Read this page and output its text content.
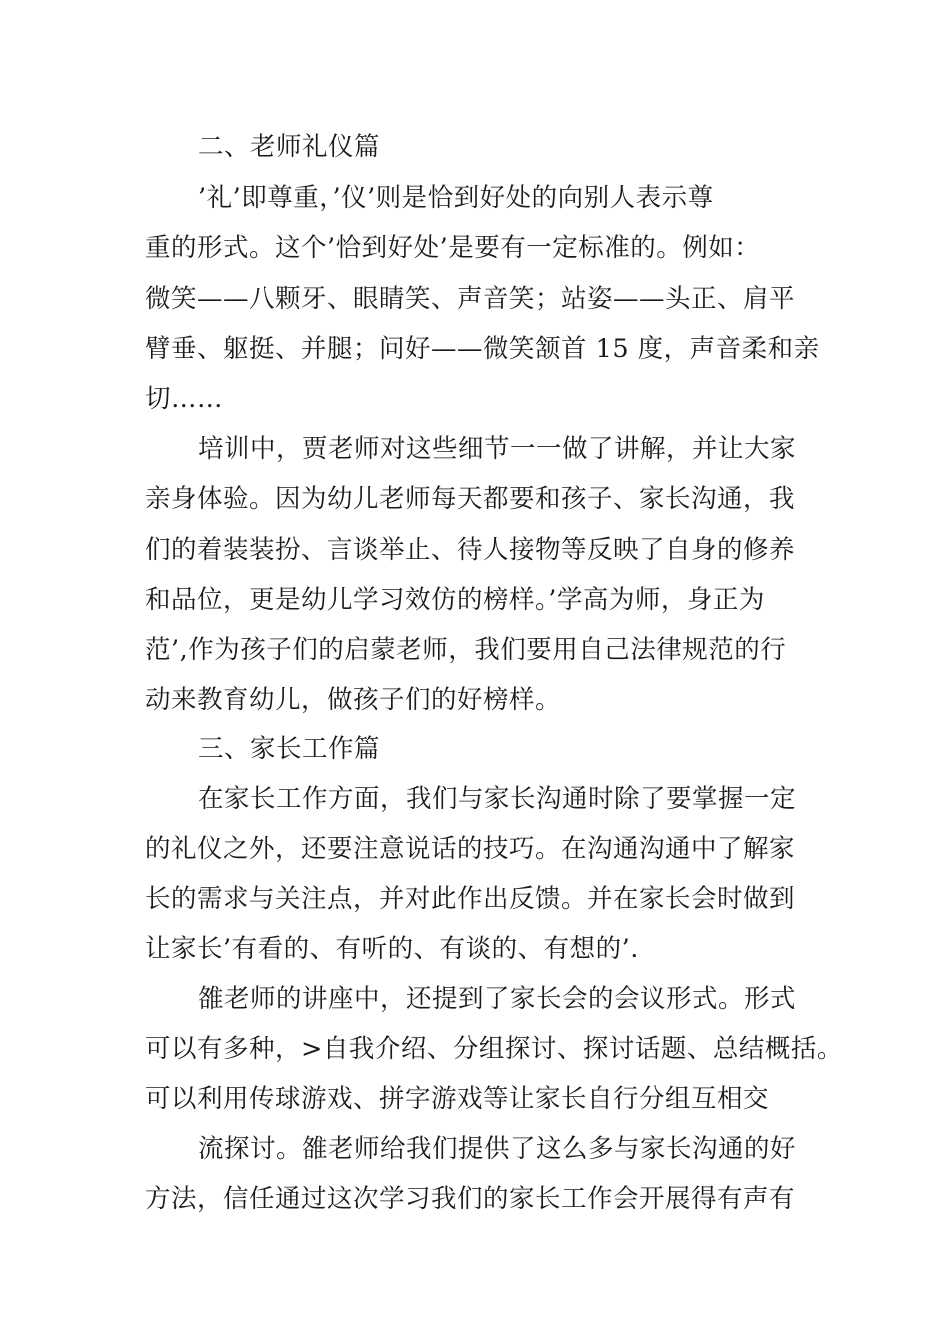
二、老师礼仪篇
’礼’即尊重，’仪’则是恰到好处的向别人表示尊
重的形式。这个’恰到好处’是要有一定标准的。例如：
微笑——八颗牙、眼睛笑、声音笑；站姿——头正、肩平
臂垂、躯挺、并腿；问好——微笑颔首 15 度，声音柔和亲
切……
培训中，贾老师对这些细节一一做了讲解，并让大家
亲身体验。因为幼儿老师每天都要和孩子、家长沟通，我
们的着装装扮、言谈举止、待人接物等反映了自身的修养
和品位，更是幼儿学习效仿的榜样。’学高为师，身正为
范’,作为孩子们的启蒙老师，我们要用自己法律规范的行
动来教育幼儿，做孩子们的好榜样。
三、家长工作篇
在家长工作方面，我们与家长沟通时除了要掌握一定
的礼仪之外，还要注意说话的技巧。在沟通沟通中了解家
长的需求与关注点，并对此作出反馈。并在家长会时做到
让家长’有看的、有听的、有谈的、有想的’.
雒老师的讲座中，还提到了家长会的会议形式。形式
可以有多种，>自我介绍、分组探讨、探讨话题、总结概括。
可以利用传球游戏、拼字游戏等让家长自行分组互相交
流探讨。雒老师给我们提供了这么多与家长沟通的好
方法，信任通过这次学习我们的家长工作会开展得有声有
